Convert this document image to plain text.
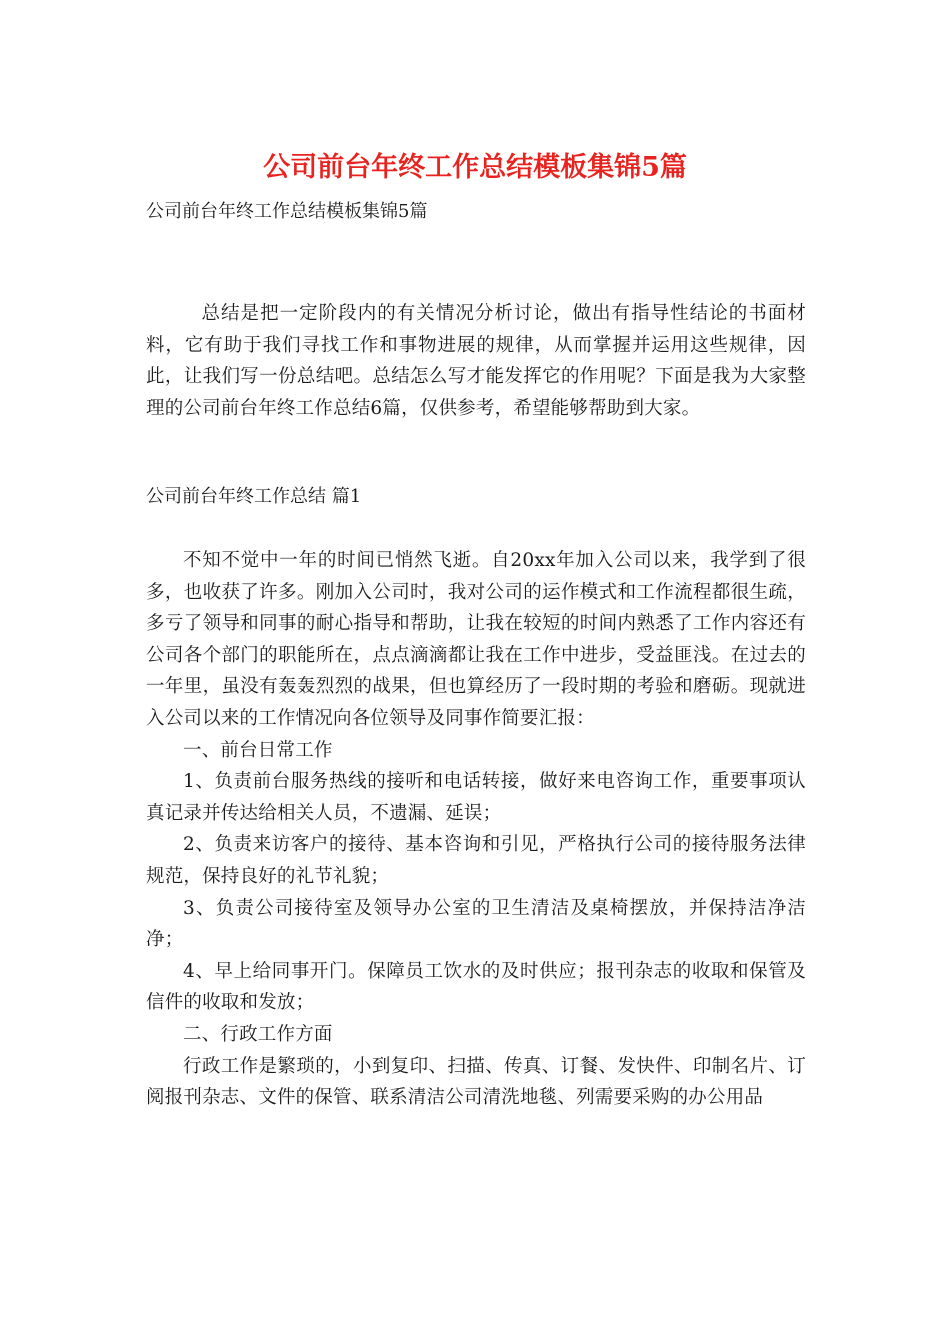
公司前台年终工作总结模板集锦5篇

公司前台年终工作总结模板集锦5篇

总结是把一定阶段内的有关情况分析讨论，做出有指导性结论的书面材料，它有助于我们寻找工作和事物进展的规律，从而掌握并运用这些规律，因此，让我们写一份总结吧。总结怎么写才能发挥它的作用呢？下面是我为大家整理的公司前台年终工作总结6篇，仅供参考，希望能够帮助到大家。

公司前台年终工作总结 篇1

不知不觉中一年的时间已悄然飞逝。自20xx年加入公司以来，我学到了很多，也收获了许多。刚加入公司时，我对公司的运作模式和工作流程都很生疏，多亏了领导和同事的耐心指导和帮助，让我在较短的时间内熟悉了工作内容还有公司各个部门的职能所在，点点滴滴都让我在工作中进步，受益匪浅。在过去的一年里，虽没有轰轰烈烈的战果，但也算经历了一段时期的考验和磨砺。现就进入公司以来的工作情况向各位领导及同事作简要汇报：

一、前台日常工作

1、负责前台服务热线的接听和电话转接，做好来电咨询工作，重要事项认真记录并传达给相关人员，不遗漏、延误；

2、负责来访客户的接待、基本咨询和引见，严格执行公司的接待服务法律规范，保持良好的礼节礼貌；

3、负责公司接待室及领导办公室的卫生清洁及桌椅摆放，并保持洁净洁净；

4、早上给同事开门。保障员工饮水的及时供应；报刊杂志的收取和保管及信件的收取和发放；

二、行政工作方面

行政工作是繁琐的，小到复印、扫描、传真、订餐、发快件、印制名片、订阅报刊杂志、文件的保管、联系清洁公司清洗地毯、列需要采购的办公用品
